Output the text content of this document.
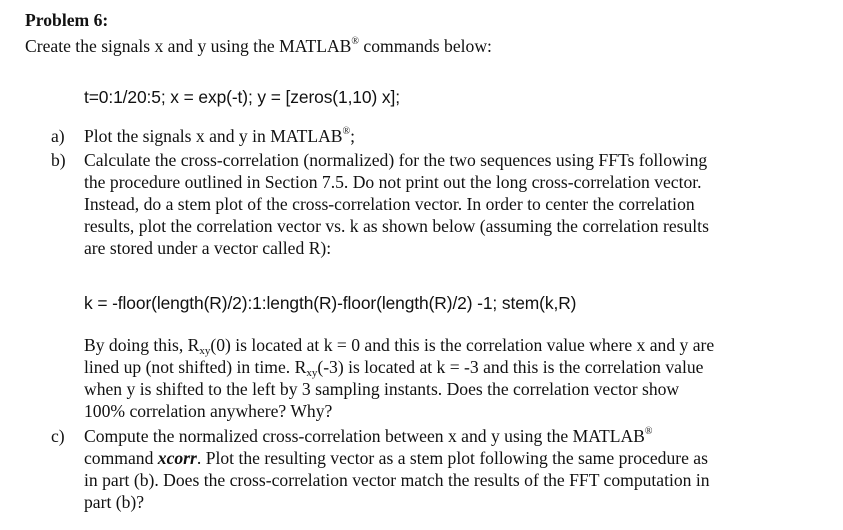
Problem 6:
Create the signals x and y using the MATLAB® commands below:
t=0:1/20:5; x = exp(-t); y = [zeros(1,10) x];
a)	Plot the signals x and y in MATLAB®;
b)	Calculate the cross-correlation (normalized) for the two sequences using FFTs following
the procedure outlined in Section 7.5. Do not print out the long cross-correlation vector.
Instead, do a stem plot of the cross-correlation vector. In order to center the correlation
results, plot the correlation vector vs. k as shown below (assuming the correlation results
are stored under a vector called R):
k = -floor(length(R)/2):1:length(R)-floor(length(R)/2) -1; stem(k,R)
By doing this, $R_{xy}(0)$ is located at k = 0 and this is the correlation value where x and y are
lined up (not shifted) in time. $R_{xy}(-3)$ is located at k = -3 and this is the correlation value
when y is shifted to the left by 3 sampling instants. Does the correlation vector show
100% correlation anywhere? Why?
c)	Compute the normalized cross-correlation between x and y using the MATLAB®
command xcorr. Plot the resulting vector as a stem plot following the same procedure as
in part (b). Does the cross-correlation vector match the results of the FFT computation in
part (b)?
